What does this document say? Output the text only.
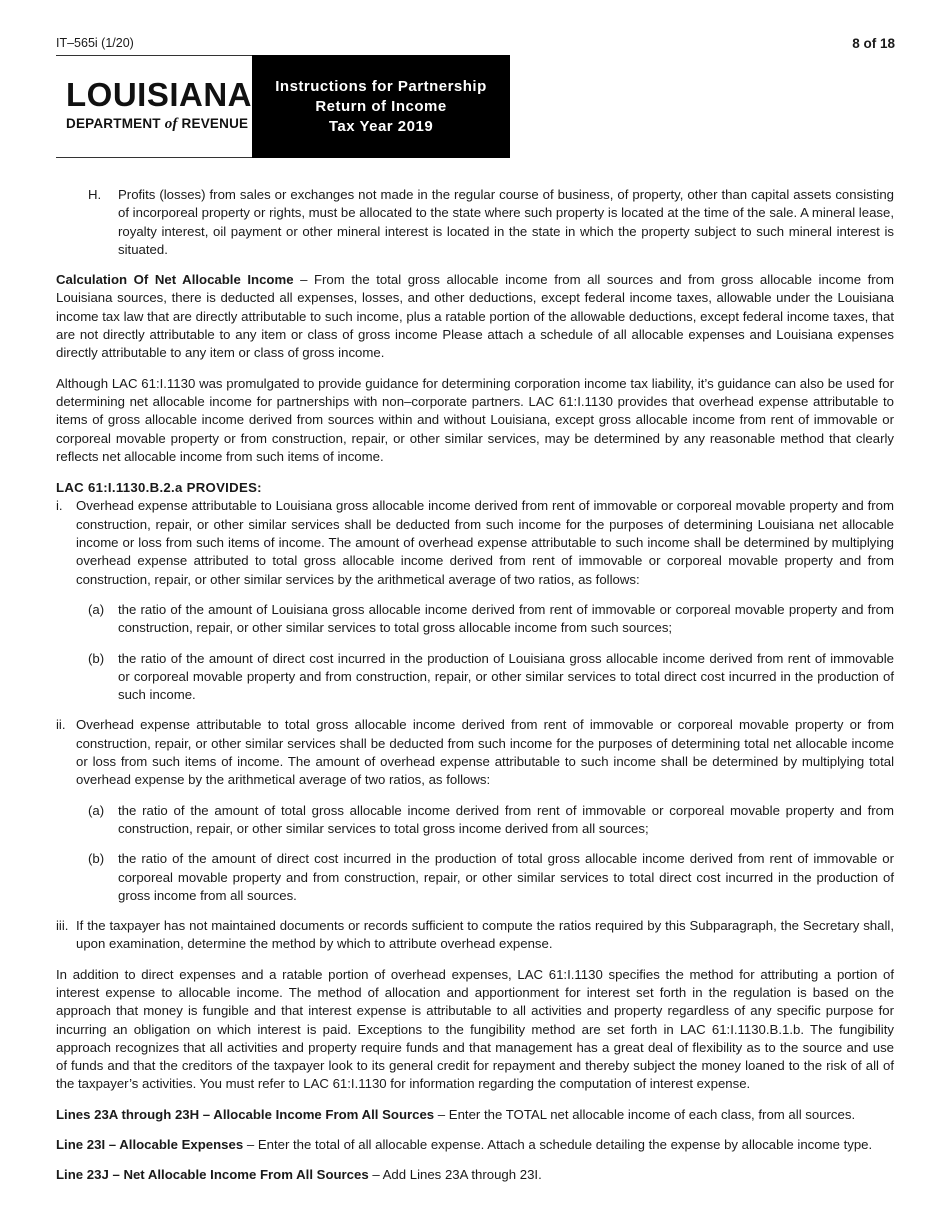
IT–565i (1/20)	8 of 18
LOUISIANA
DEPARTMENT of REVENUE
Instructions for Partnership
Return of Income
Tax Year 2019
H.	Profits (losses) from sales or exchanges not made in the regular course of business, of property, other than capital assets consisting of incorporeal property or rights, must be allocated to the state where such property is located at the time of the sale. A mineral lease, royalty interest, oil payment or other mineral interest is located in the state in which the property subject to such mineral interest is situated.

Calculation Of Net Allocable Income – From the total gross allocable income from all sources and from gross allocable income from Louisiana sources, there is deducted all expenses, losses, and other deductions, except federal income taxes, allowable under the Louisiana income tax law that are directly attributable to such income, plus a ratable portion of the allowable deductions, except federal income taxes, that are not directly attributable to any item or class of gross income Please attach a schedule of all allocable expenses and Louisiana expenses directly attributable to any item or class of gross income.

Although LAC 61:I.1130 was promulgated to provide guidance for determining corporation income tax liability, it’s guidance can also be used for determining net allocable income for partnerships with non–corporate partners. LAC 61:I.1130 provides that overhead expense attributable to items of gross allocable income derived from sources within and without Louisiana, except gross allocable income from rent of immovable or corporeal movable property or from construction, repair, or other similar services, may be determined by any reasonable method that clearly reflects net allocable income from such items of income.

LAC 61:I.1130.B.2.a PROVIDES:
i.	Overhead expense attributable to Louisiana gross allocable income derived from rent of immovable or corporeal movable property and from construction, repair, or other similar services shall be deducted from such income for the purposes of determining Louisiana net allocable income or loss from such items of income. The amount of overhead expense attributable to such income shall be determined by multiplying overhead expense attributed to total gross allocable income derived from rent of immovable or corporeal movable property and from construction, repair, or other similar services by the arithmetical average of two ratios, as follows:
(a)	the ratio of the amount of Louisiana gross allocable income derived from rent of immovable or corporeal movable property and from construction, repair, or other similar services to total gross allocable income from such sources;
(b)	the ratio of the amount of direct cost incurred in the production of Louisiana gross allocable income derived from rent of immovable or corporeal movable property and from construction, repair, or other similar services to total direct cost incurred in the production of such income.
ii. Overhead expense attributable to total gross allocable income derived from rent of immovable or corporeal movable property or from construction, repair, or other similar services shall be deducted from such income for the purposes of determining total net allocable income or loss from such items of income. The amount of overhead expense attributable to such income shall be determined by multiplying total overhead expense by the arithmetical average of two ratios, as follows:
(a)	the ratio of the amount of total gross allocable income derived from rent of immovable or corporeal movable property and from construction, repair, or other similar services to total gross income derived from all sources;
(b)	the ratio of the amount of direct cost incurred in the production of total gross allocable income derived from rent of immovable or corporeal movable property and from construction, repair, or other similar services to total direct cost incurred in the production of gross income from all sources.
iii. If the taxpayer has not maintained documents or records sufficient to compute the ratios required by this Subparagraph, the Secretary shall, upon examination, determine the method by which to attribute overhead expense.

In addition to direct expenses and a ratable portion of overhead expenses, LAC 61:I.1130 specifies the method for attributing a portion of interest expense to allocable income. The method of allocation and apportionment for interest set forth in the regulation is based on the approach that money is fungible and that interest expense is attributable to all activities and property regardless of any specific purpose for incurring an obligation on which interest is paid. Exceptions to the fungibility method are set forth in LAC 61:I.1130.B.1.b. The fungibility approach recognizes that all activities and property require funds and that management has a great deal of flexibility as to the source and use of funds and that the creditors of the taxpayer look to its general credit for repayment and thereby subject the money loaned to the risk of all of the taxpayer’s activities. You must refer to LAC 61:I.1130 for information regarding the computation of interest expense.

Lines 23A through 23H – Allocable Income From All Sources – Enter the TOTAL net allocable income of each class, from all sources.

Line 23I – Allocable Expenses – Enter the total of all allocable expense. Attach a schedule detailing the expense by allocable income type.

Line 23J – Net Allocable Income From All Sources – Add Lines 23A through 23I.
